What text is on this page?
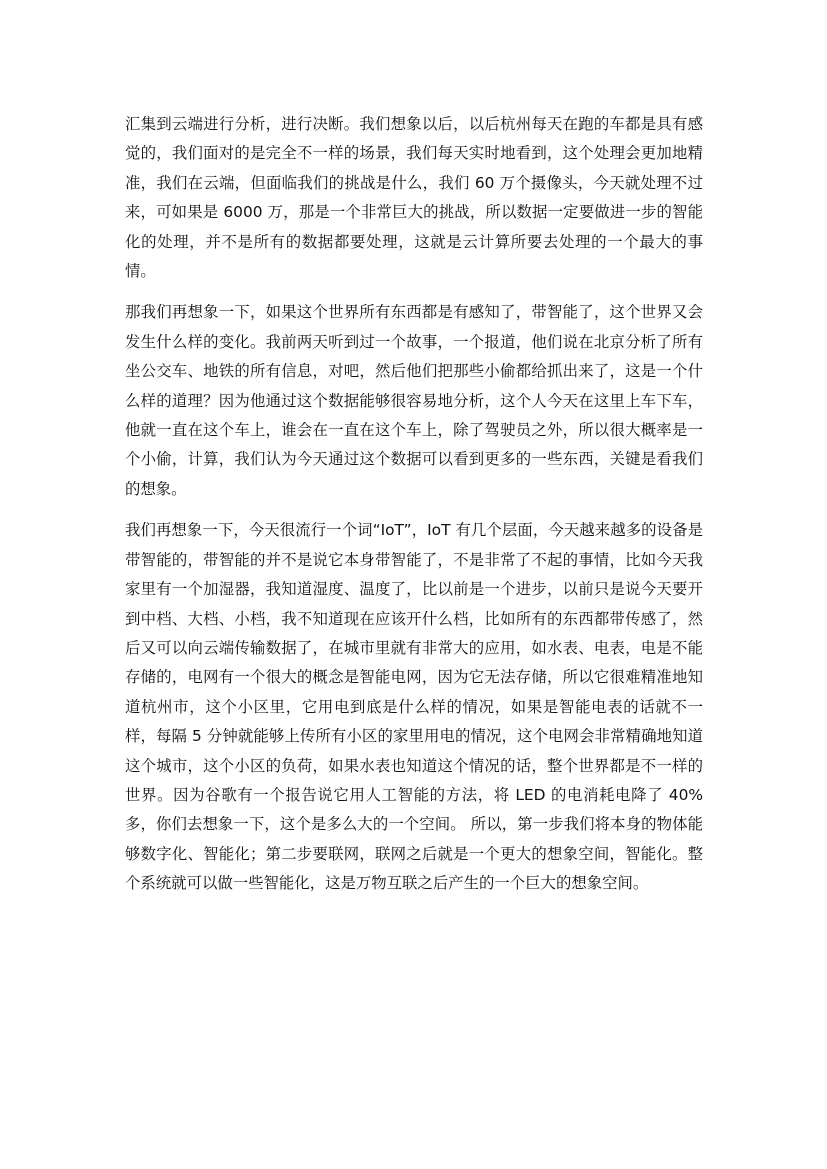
汇集到云端进行分析，进行决断。我们想象以后，以后杭州每天在跑的车都是具有感觉的，我们面对的是完全不一样的场景，我们每天实时地看到，这个处理会更加地精准，我们在云端，但面临我们的挑战是什么，我们 60 万个摄像头，今天就处理不过来，可如果是 6000 万，那是一个非常巨大的挑战，所以数据一定要做进一步的智能化的处理，并不是所有的数据都要处理，这就是云计算所要去处理的一个最大的事情。

那我们再想象一下，如果这个世界所有东西都是有感知了，带智能了，这个世界又会发生什么样的变化。我前两天听到过一个故事，一个报道，他们说在北京分析了所有坐公交车、地铁的所有信息，对吧，然后他们把那些小偷都给抓出来了，这是一个什么样的道理？因为他通过这个数据能够很容易地分析，这个人今天在这里上车下车，他就一直在这个车上，谁会在一直在这个车上，除了驾驶员之外，所以很大概率是一个小偷，计算，我们认为今天通过这个数据可以看到更多的一些东西，关键是看我们的想象。

我们再想象一下，今天很流行一个词“IoT”，IoT 有几个层面，今天越来越多的设备是带智能的，带智能的并不是说它本身带智能了，不是非常了不起的事情，比如今天我家里有一个加湿器，我知道湿度、温度了，比以前是一个进步，以前只是说今天要开到中档、大档、小档，我不知道现在应该开什么档，比如所有的东西都带传感了，然后又可以向云端传输数据了，在城市里就有非常大的应用，如水表、电表，电是不能存储的，电网有一个很大的概念是智能电网，因为它无法存储，所以它很难精准地知道杭州市，这个小区里，它用电到底是什么样的情况，如果是智能电表的话就不一样，每隔 5 分钟就能够上传所有小区的家里用电的情况，这个电网会非常精确地知道这个城市，这个小区的负荷，如果水表也知道这个情况的话，整个世界都是不一样的世界。因为谷歌有一个报告说它用人工智能的方法，将 LED 的电消耗电降了 40%多，你们去想象一下，这个是多么大的一个空间。 所以，第一步我们将本身的物体能够数字化、智能化；第二步要联网，联网之后就是一个更大的想象空间，智能化。整个系统就可以做一些智能化，这是万物互联之后产生的一个巨大的想象空间。
